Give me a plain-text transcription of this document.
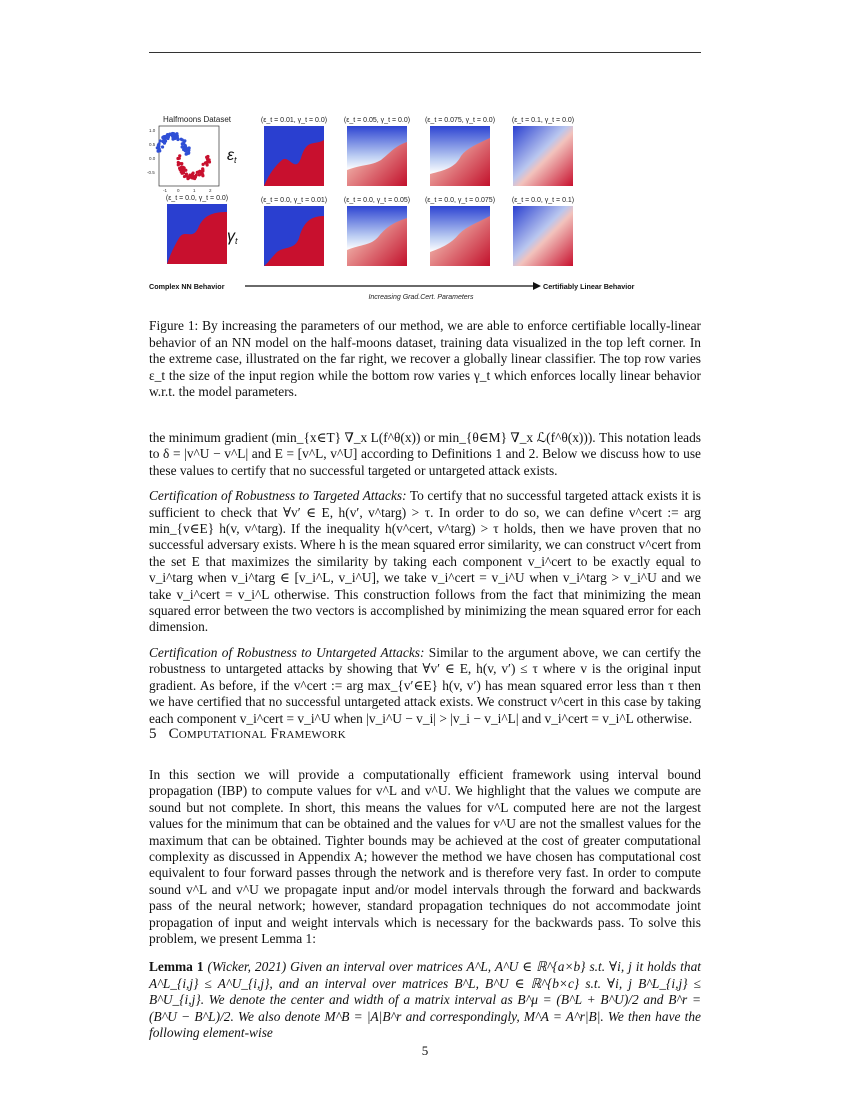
Halfmoons Dataset
εt
γt
(ε_t = 0.01, γ_t = 0.0) (ε_t = 0.05, γ_t = 0.0) (ε_t = 0.075, γ_t = 0.0) (ε_t = 0.1, γ_t = 0.0)
(ε_t = 0.0, γ_t = 0.0)	(ε_t = 0.0, γ_t = 0.01) (ε_t = 0.0, γ_t = 0.05) (ε_t = 0.0, γ_t = 0.075) (ε_t = 0.0, γ_t = 0.1)
-1 0	1	2
1.0
0.5
0.0
-0.5
Complex NN Behavior	Certifiably Linear Behavior
Increasing Grad.Cert. Parameters
Figure 1: By increasing the parameters of our method, we are able to enforce certifiable locally-linear behavior of an NN model on the half-moons dataset, training data visualized in the top left corner. In the extreme case, illustrated on the far right, we recover a globally linear classifier. The top row varies ε_t the size of the input region while the bottom row varies γ_t which enforces locally linear behavior w.r.t. the model parameters.

the minimum gradient (min_{x∈T} ∇_x L(f^θ(x)) or min_{θ∈M} ∇_x ℒ(f^θ(x))). This notation leads to δ = |v^U − v^L| and E = [v^L, v^U] according to Definitions 1 and 2. Below we discuss how to use these values to certify that no successful targeted or untargeted attack exists.

Certification of Robustness to Targeted Attacks: To certify that no successful targeted attack exists it is sufficient to check that ∀v′ ∈ E, h(v′, v^targ) > τ. In order to do so, we can define v^cert := arg min_{v∈E} h(v, v^targ). If the inequality h(v^cert, v^targ) > τ holds, then we have proven that no successful adversary exists. Where h is the mean squared error similarity, we can construct v^cert from the set E that maximizes the similarity by taking each component v_i^cert to be exactly equal to v_i^targ when v_i^targ ∈ [v_i^L, v_i^U], we take v_i^cert = v_i^U when v_i^targ > v_i^U and we take v_i^cert = v_i^L otherwise. This construction follows from the fact that minimizing the mean squared error between the two vectors is accomplished by minimizing the mean squared error for each dimension.

Certification of Robustness to Untargeted Attacks: Similar to the argument above, we can certify the robustness to untargeted attacks by showing that ∀v′ ∈ E, h(v, v′) ≤ τ where v is the original input gradient. As before, if the v^cert := arg max_{v′∈E} h(v, v′) has mean squared error less than τ then we have certified that no successful untargeted attack exists. We construct v^cert in this case by taking each component v_i^cert = v_i^U when |v_i^U − v_i| > |v_i − v_i^L| and v_i^cert = v_i^L otherwise.

5 Computational Framework

In this section we will provide a computationally efficient framework using interval bound propagation (IBP) to compute values for v^L and v^U. We highlight that the values we compute are sound but not complete. In short, this means the values for v^L computed here are not the largest values for the minimum that can be obtained and the values for v^U are not the smallest values for the maximum that can be obtained. Tighter bounds may be achieved at the cost of greater computational complexity as discussed in Appendix A; however the method we have chosen has computational cost equivalent to four forward passes through the network and is therefore very fast. In order to compute sound v^L and v^U we propagate input and/or model intervals through the forward and backwards pass of the neural network; however, standard propagation techniques do not accommodate joint propagation of input and weight intervals which is necessary for the backwards pass. To solve this problem, we present Lemma 1:

Lemma 1 (Wicker, 2021) Given an interval over matrices A^L, A^U ∈ ℝ^{a×b} s.t. ∀i, j it holds that A^L_{i,j} ≤ A^U_{i,j}, and an interval over matrices B^L, B^U ∈ ℝ^{b×c} s.t. ∀i, j B^L_{i,j} ≤ B^U_{i,j}. We denote the center and width of a matrix interval as B^μ = (B^L + B^U)/2 and B^r = (B^U − B^L)/2. We also denote M^B = |A|B^r and correspondingly, M^A = A^r|B|. We then have the following element-wise

5
